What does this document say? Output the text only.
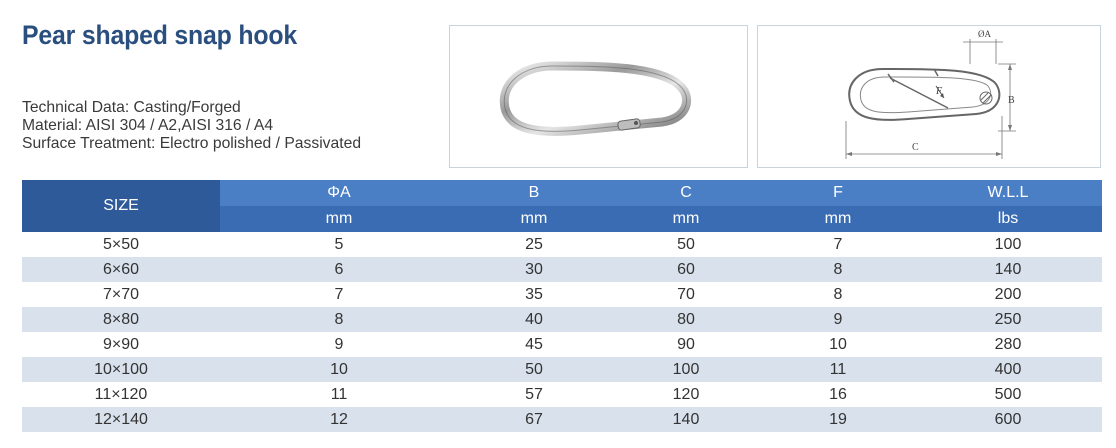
Pear shaped snap hook
Technical Data: Casting/Forged
Material: AISI 304 / A2,AISI 316 / A4
Surface Treatment: Electro polished / Passivated
F
ØA
B
C
SIZE	ΦA	B	C	F	W.L.L
	mm	mm	mm	mm	lbs
5×50	5	25	50	7	100
6×60	6	30	60	8	140
7×70	7	35	70	8	200
8×80	8	40	80	9	250
9×90	9	45	90	10	280
10×100	10	50	100	11	400
11×120	11	57	120	16	500
12×140	12	67	140	19	600
